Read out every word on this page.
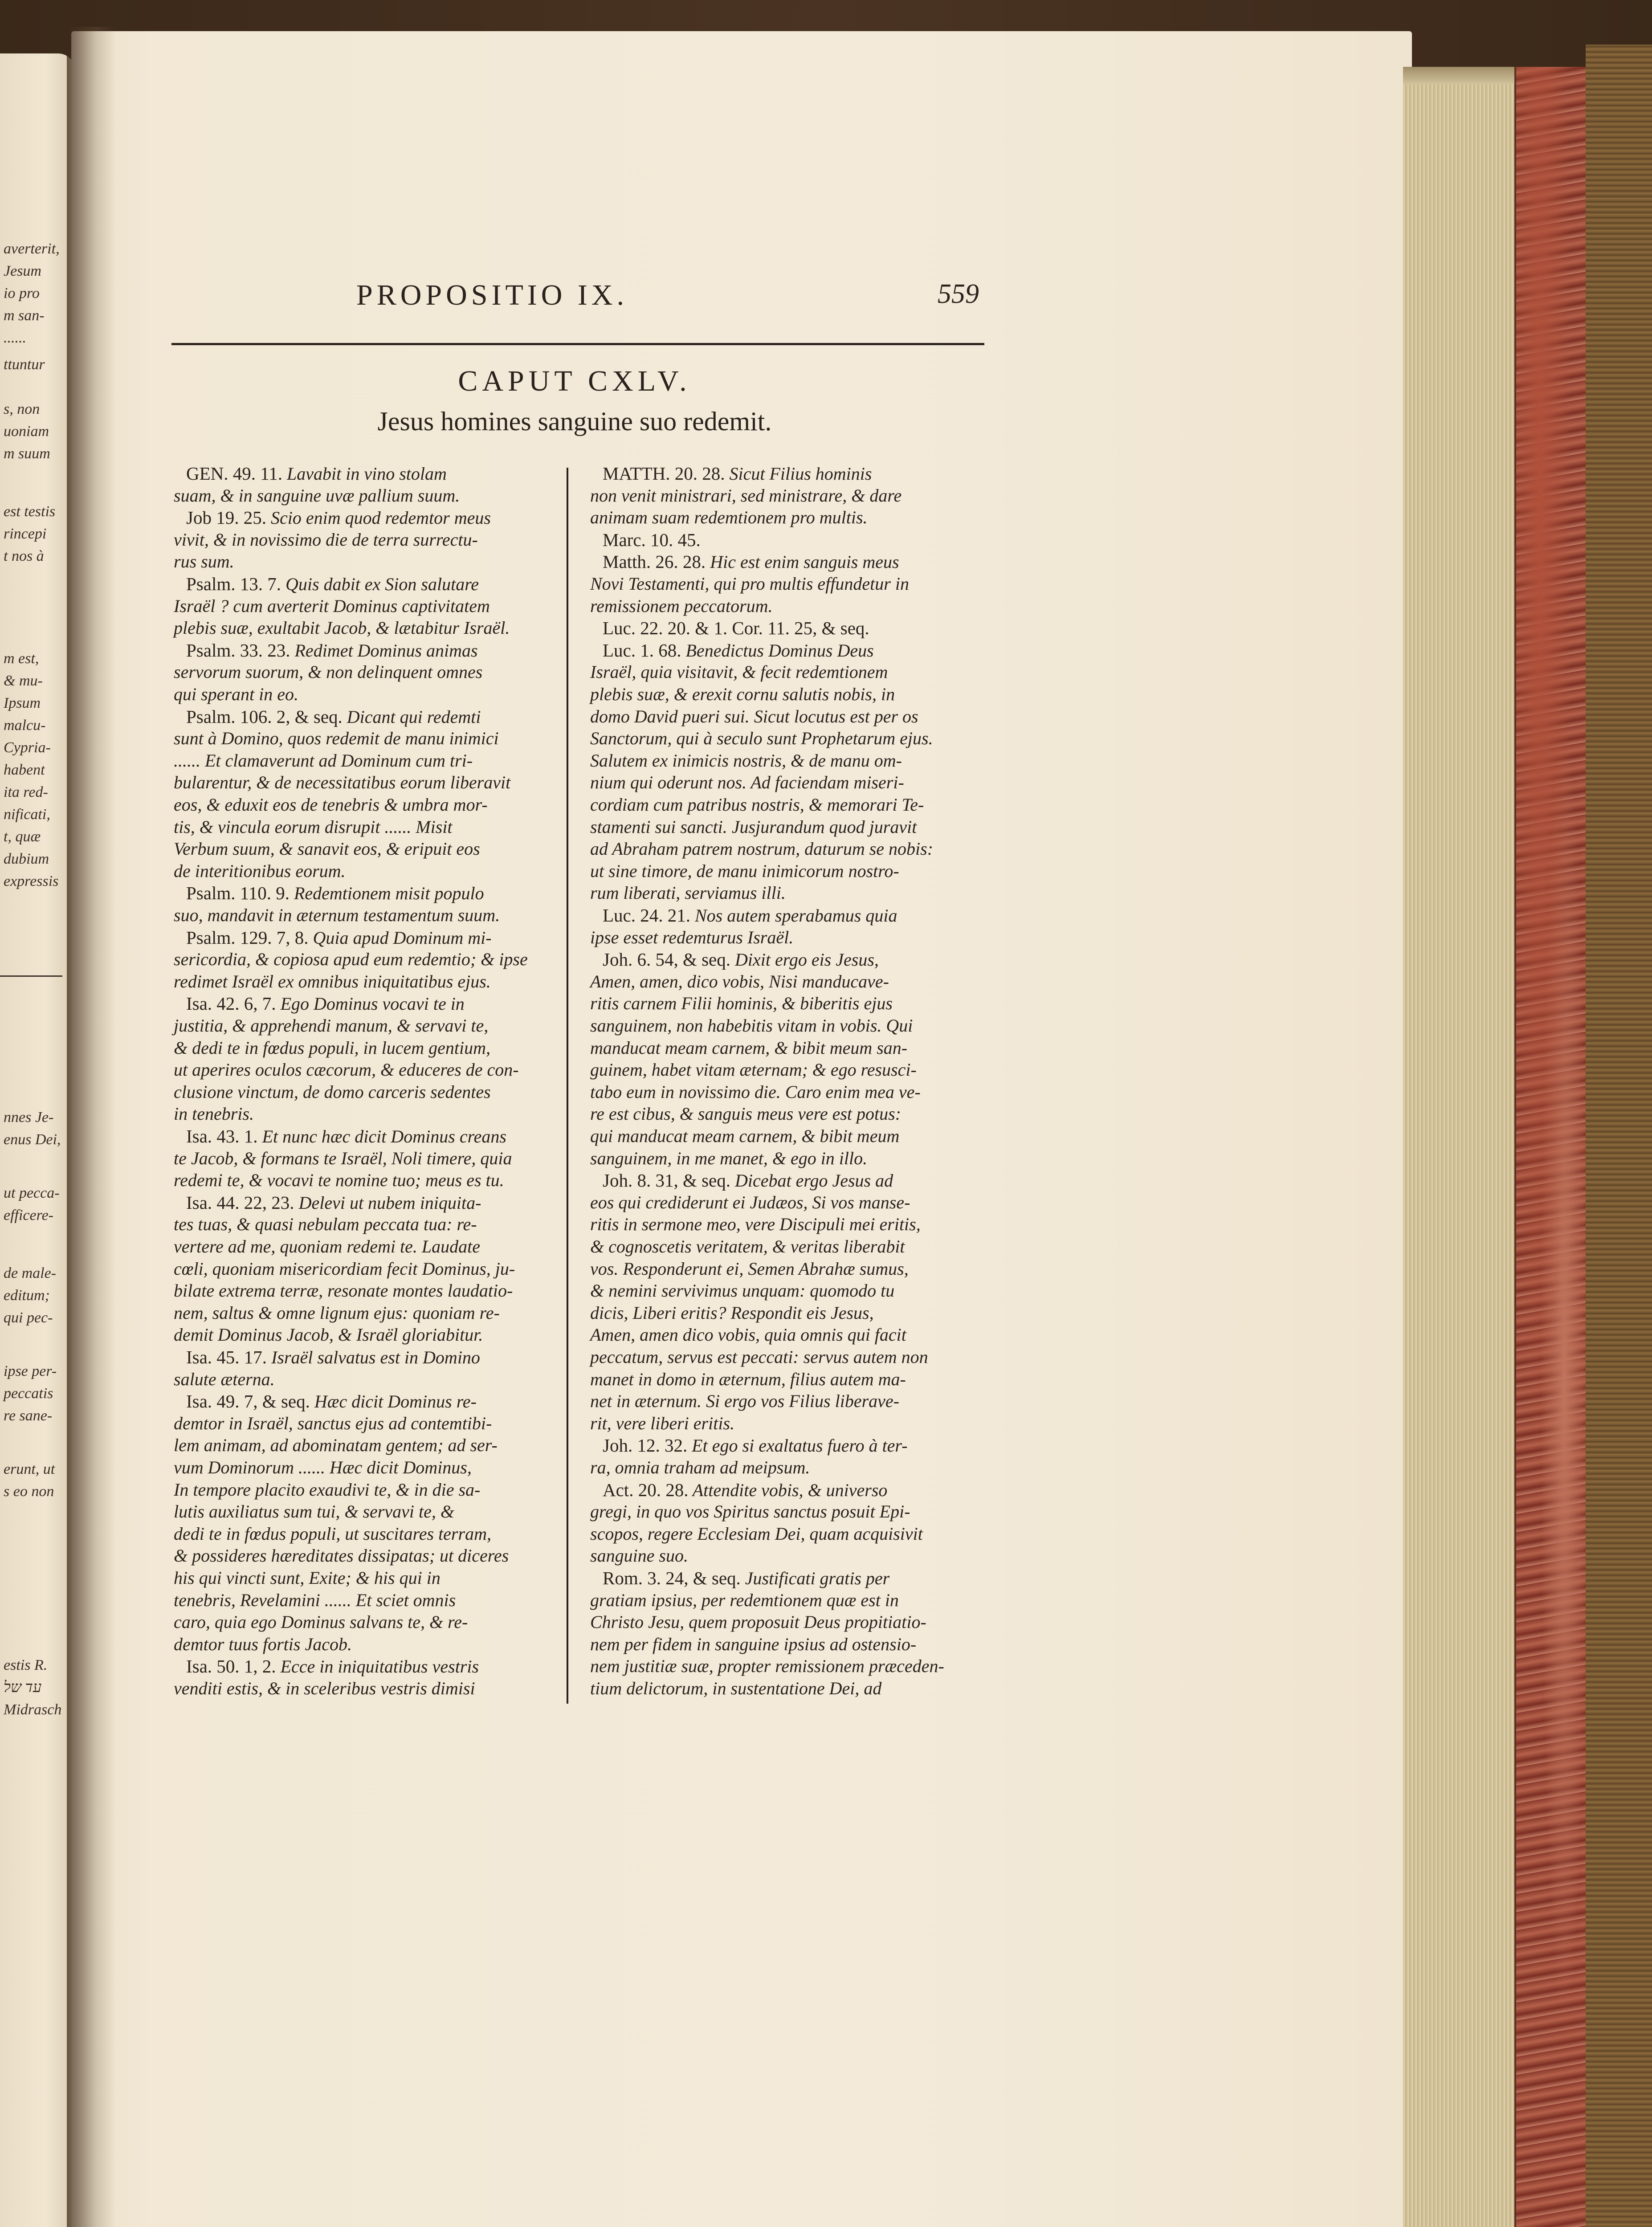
averterit,
Jesum
io pro
m san-
......
ttuntur
s, non
uoniam
m suum
est testis
rincepi
t nos à
m est,
& mu-
Ipsum
malcu-
Cypria-
habent
ita red-
nificati,
t, quæ
dubium
expressis
nnes Je-
enus Dei,
ut pecca-
efficere-
de male-
editum;
qui pec-
ipse per-
peccatis
re sane-
erunt, ut
s eo non
estis R.
עד של
Midrasch
PROPOSITIO IX.	559
CAPUT CXLV.
Jesus homines sanguine suo redemit.
GEN. 49. 11. Lavabit in vino stolam
suam, & in sanguine uvæ pallium suum.
Job 19. 25. Scio enim quod redemtor meus
vivit, & in novissimo die de terra surrectu-
rus sum.
Psalm. 13. 7. Quis dabit ex Sion salutare
Israël ? cum averterit Dominus captivitatem
plebis suæ, exultabit Jacob, & lætabitur Israël.
Psalm. 33. 23. Redimet Dominus animas
servorum suorum, & non delinquent omnes
qui sperant in eo.
Psalm. 106. 2, & seq. Dicant qui redemti
sunt à Domino, quos redemit de manu inimici
...... Et clamaverunt ad Dominum cum tri-
bularentur, & de necessitatibus eorum liberavit
eos, & eduxit eos de tenebris & umbra mor-
tis, & vincula eorum disrupit ...... Misit
Verbum suum, & sanavit eos, & eripuit eos
de interitionibus eorum.
Psalm. 110. 9. Redemtionem misit populo
suo, mandavit in æternum testamentum suum.
Psalm. 129. 7, 8. Quia apud Dominum mi-
sericordia, & copiosa apud eum redemtio; & ipse
redimet Israël ex omnibus iniquitatibus ejus.
Isa. 42. 6, 7. Ego Dominus vocavi te in
justitia, & apprehendi manum, & servavi te,
& dedi te in fœdus populi, in lucem gentium,
ut aperires oculos cæcorum, & educeres de con-
clusione vinctum, de domo carceris sedentes
in tenebris.
Isa. 43. 1. Et nunc hæc dicit Dominus creans
te Jacob, & formans te Israël, Noli timere, quia
redemi te, & vocavi te nomine tuo; meus es tu.
Isa. 44. 22, 23. Delevi ut nubem iniquita-
tes tuas, & quasi nebulam peccata tua: re-
vertere ad me, quoniam redemi te. Laudate
cœli, quoniam misericordiam fecit Dominus, ju-
bilate extrema terræ, resonate montes laudatio-
nem, saltus & omne lignum ejus: quoniam re-
demit Dominus Jacob, & Israël gloriabitur.
Isa. 45. 17. Israël salvatus est in Domino
salute æterna.
Isa. 49. 7, & seq. Hæc dicit Dominus re-
demtor in Israël, sanctus ejus ad contemtibi-
lem animam, ad abominatam gentem; ad ser-
vum Dominorum ...... Hæc dicit Dominus,
In tempore placito exaudivi te, & in die sa-
lutis auxiliatus sum tui, & servavi te, &
dedi te in fœdus populi, ut suscitares terram,
& possideres hæreditates dissipatas; ut diceres
his qui vincti sunt, Exite; & his qui in
tenebris, Revelamini ...... Et sciet omnis
caro, quia ego Dominus salvans te, & re-
demtor tuus fortis Jacob.
Isa. 50. 1, 2. Ecce in iniquitatibus vestris
venditi estis, & in sceleribus vestris dimisi
MATTH. 20. 28. Sicut Filius hominis
non venit ministrari, sed ministrare, & dare
animam suam redemtionem pro multis.
Marc. 10. 45.
Matth. 26. 28. Hic est enim sanguis meus
Novi Testamenti, qui pro multis effundetur in
remissionem peccatorum.
Luc. 22. 20. & 1. Cor. 11. 25, & seq.
Luc. 1. 68. Benedictus Dominus Deus
Israël, quia visitavit, & fecit redemtionem
plebis suæ, & erexit cornu salutis nobis, in
domo David pueri sui. Sicut locutus est per os
Sanctorum, qui à seculo sunt Prophetarum ejus.
Salutem ex inimicis nostris, & de manu om-
nium qui oderunt nos. Ad faciendam miseri-
cordiam cum patribus nostris, & memorari Te-
stamenti sui sancti. Jusjurandum quod juravit
ad Abraham patrem nostrum, daturum se nobis:
ut sine timore, de manu inimicorum nostro-
rum liberati, serviamus illi.
Luc. 24. 21. Nos autem sperabamus quia
ipse esset redemturus Israël.
Joh. 6. 54, & seq. Dixit ergo eis Jesus,
Amen, amen, dico vobis, Nisi manducave-
ritis carnem Filii hominis, & biberitis ejus
sanguinem, non habebitis vitam in vobis. Qui
manducat meam carnem, & bibit meum san-
guinem, habet vitam æternam; & ego resusci-
tabo eum in novissimo die. Caro enim mea ve-
re est cibus, & sanguis meus vere est potus:
qui manducat meam carnem, & bibit meum
sanguinem, in me manet, & ego in illo.
Joh. 8. 31, & seq. Dicebat ergo Jesus ad
eos qui crediderunt ei Judæos, Si vos manse-
ritis in sermone meo, vere Discipuli mei eritis,
& cognoscetis veritatem, & veritas liberabit
vos. Responderunt ei, Semen Abrahæ sumus,
& nemini servivimus unquam: quomodo tu
dicis, Liberi eritis? Respondit eis Jesus,
Amen, amen dico vobis, quia omnis qui facit
peccatum, servus est peccati: servus autem non
manet in domo in æternum, filius autem ma-
net in æternum. Si ergo vos Filius liberave-
rit, vere liberi eritis.
Joh. 12. 32. Et ego si exaltatus fuero à ter-
ra, omnia traham ad meipsum.
Act. 20. 28. Attendite vobis, & universo
gregi, in quo vos Spiritus sanctus posuit Epi-
scopos, regere Ecclesiam Dei, quam acquisivit
sanguine suo.
Rom. 3. 24, & seq. Justificati gratis per
gratiam ipsius, per redemtionem quæ est in
Christo Jesu, quem proposuit Deus propitiatio-
nem per fidem in sanguine ipsius ad ostensio-
nem justitiæ suæ, propter remissionem præceden-
tium delictorum, in sustentatione Dei, ad
